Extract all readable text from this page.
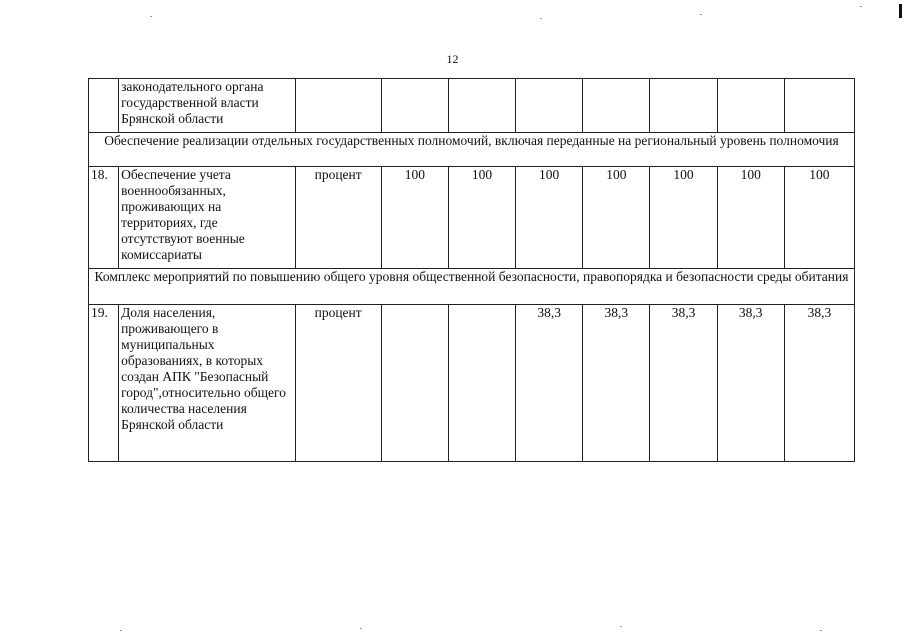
12
	законодательного органа государственной власти Брянской области								
Обеспечение реализации отдельных государственных полномочий, включая переданные на региональный уровень полномочия									
18.	Обеспечение учета военнообязанных, проживающих на территориях, где отсутствуют военные комиссариаты	процент	100	100	100	100	100	100	100
Комплекс мероприятий по повышению общего уровня общественной безопасности, правопорядка и безопасности среды обитания									
19.	Доля населения, проживающего в муниципальных образованиях, в которых создан АПК "Безопасный город",относительно общего количества населения Брянской области	процент			38,3	38,3	38,3	38,3	38,3
